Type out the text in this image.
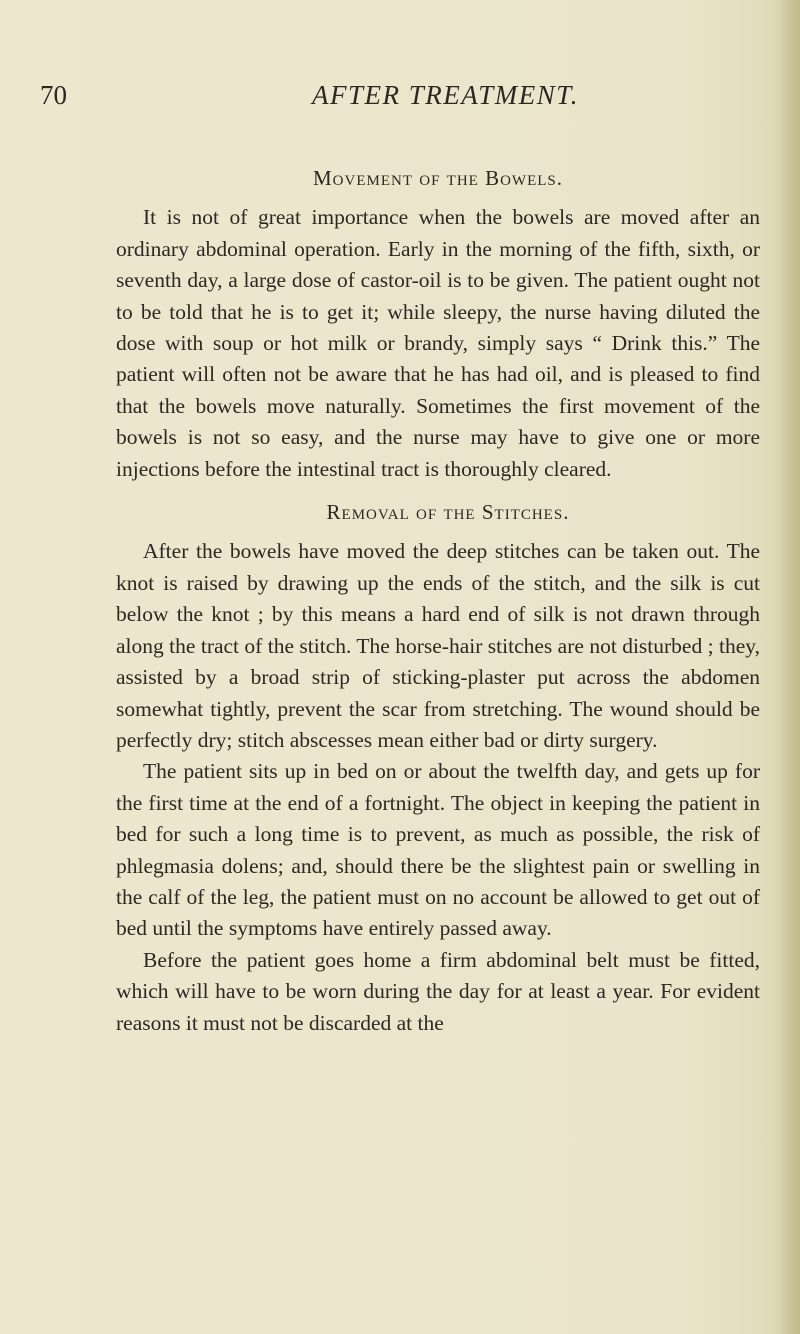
70	AFTER TREATMENT.
Movement of the Bowels.

It is not of great importance when the bowels are moved after an ordinary abdominal operation. Early in the morning of the fifth, sixth, or seventh day, a large dose of castor-oil is to be given. The patient ought not to be told that he is to get it; while sleepy, the nurse having diluted the dose with soup or hot milk or brandy, simply says “ Drink this.” The patient will often not be aware that he has had oil, and is pleased to find that the bowels move naturally. Sometimes the first movement of the bowels is not so easy, and the nurse may have to give one or more injections before the intestinal tract is thoroughly cleared.

Removal of the Stitches.

After the bowels have moved the deep stitches can be taken out. The knot is raised by drawing up the ends of the stitch, and the silk is cut below the knot ; by this means a hard end of silk is not drawn through along the tract of the stitch. The horse-hair stitches are not disturbed ; they, assisted by a broad strip of sticking-plaster put across the abdomen somewhat tightly, prevent the scar from stretching. The wound should be perfectly dry; stitch abscesses mean either bad or dirty surgery.

The patient sits up in bed on or about the twelfth day, and gets up for the first time at the end of a fortnight. The object in keeping the patient in bed for such a long time is to prevent, as much as possible, the risk of phlegmasia dolens; and, should there be the slightest pain or swelling in the calf of the leg, the patient must on no account be allowed to get out of bed until the symptoms have entirely passed away.

Before the patient goes home a firm abdominal belt must be fitted, which will have to be worn during the day for at least a year. For evident reasons it must not be discarded at the
